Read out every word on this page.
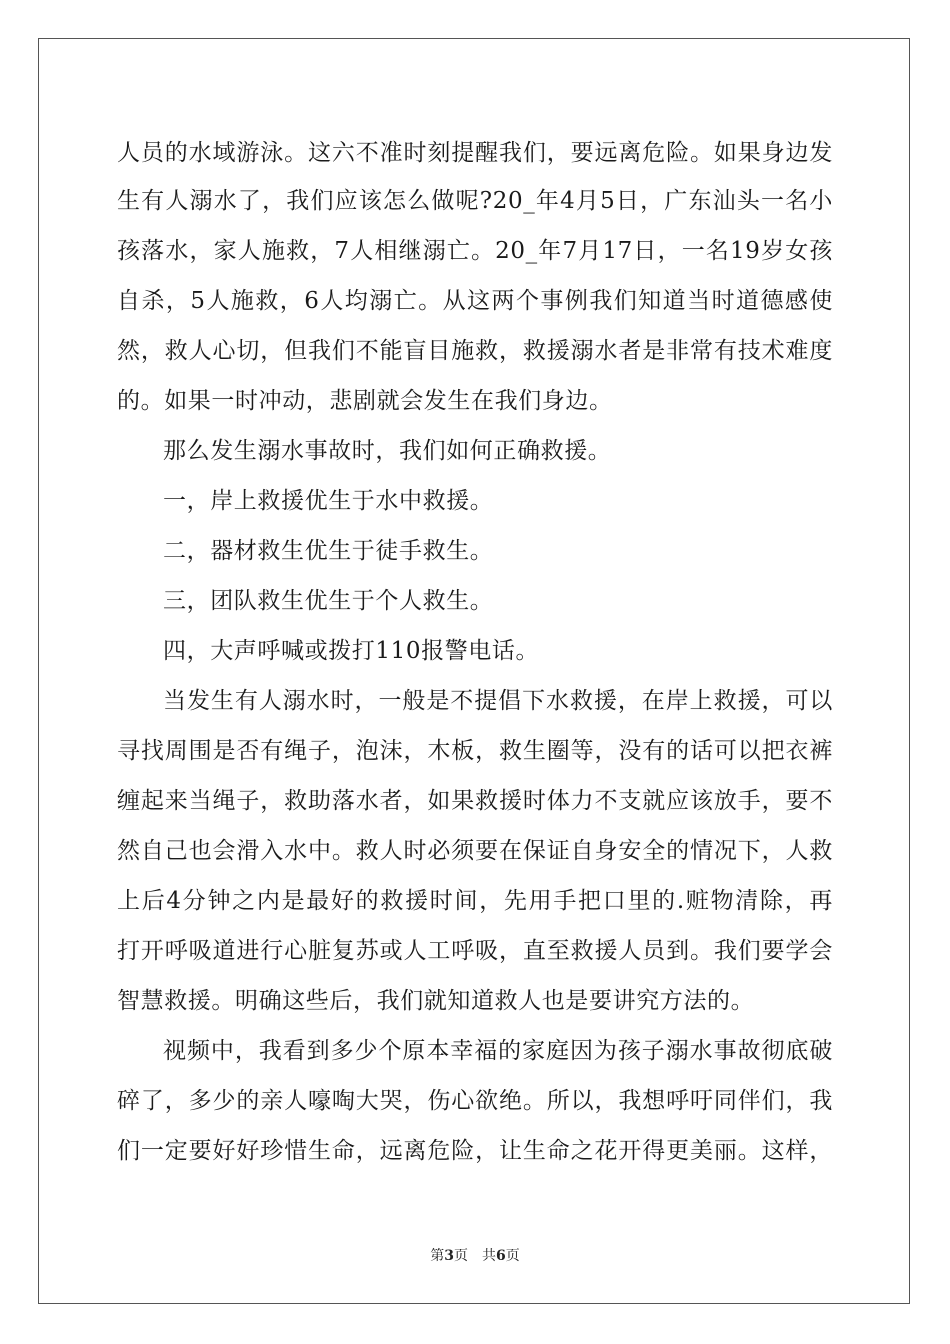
人员的水域游泳。这六不准时刻提醒我们，要远离危险。如果身边发
生有人溺水了，我们应该怎么做呢?20_年4月5日，广东汕头一名小
孩落水，家人施救，7人相继溺亡。20_年7月17日，一名19岁女孩
自杀，5人施救，6人均溺亡。从这两个事例我们知道当时道德感使
然，救人心切，但我们不能盲目施救，救援溺水者是非常有技术难度
的。如果一时冲动，悲剧就会发生在我们身边。
那么发生溺水事故时，我们如何正确救援。
一，岸上救援优生于水中救援。
二，器材救生优生于徒手救生。
三，团队救生优生于个人救生。
四，大声呼喊或拨打110报警电话。
当发生有人溺水时，一般是不提倡下水救援，在岸上救援，可以
寻找周围是否有绳子，泡沫，木板，救生圈等，没有的话可以把衣裤
缠起来当绳子，救助落水者，如果救援时体力不支就应该放手，要不
然自己也会滑入水中。救人时必须要在保证自身安全的情况下，人救
上后4分钟之内是最好的救援时间，先用手把口里的.赃物清除，再
打开呼吸道进行心脏复苏或人工呼吸，直至救援人员到。我们要学会
智慧救援。明确这些后，我们就知道救人也是要讲究方法的。
视频中，我看到多少个原本幸福的家庭因为孩子溺水事故彻底破
碎了，多少的亲人嚎啕大哭，伤心欲绝。所以，我想呼吁同伴们，我
们一定要好好珍惜生命，远离危险，让生命之花开得更美丽。这样，
第3页 共6页
